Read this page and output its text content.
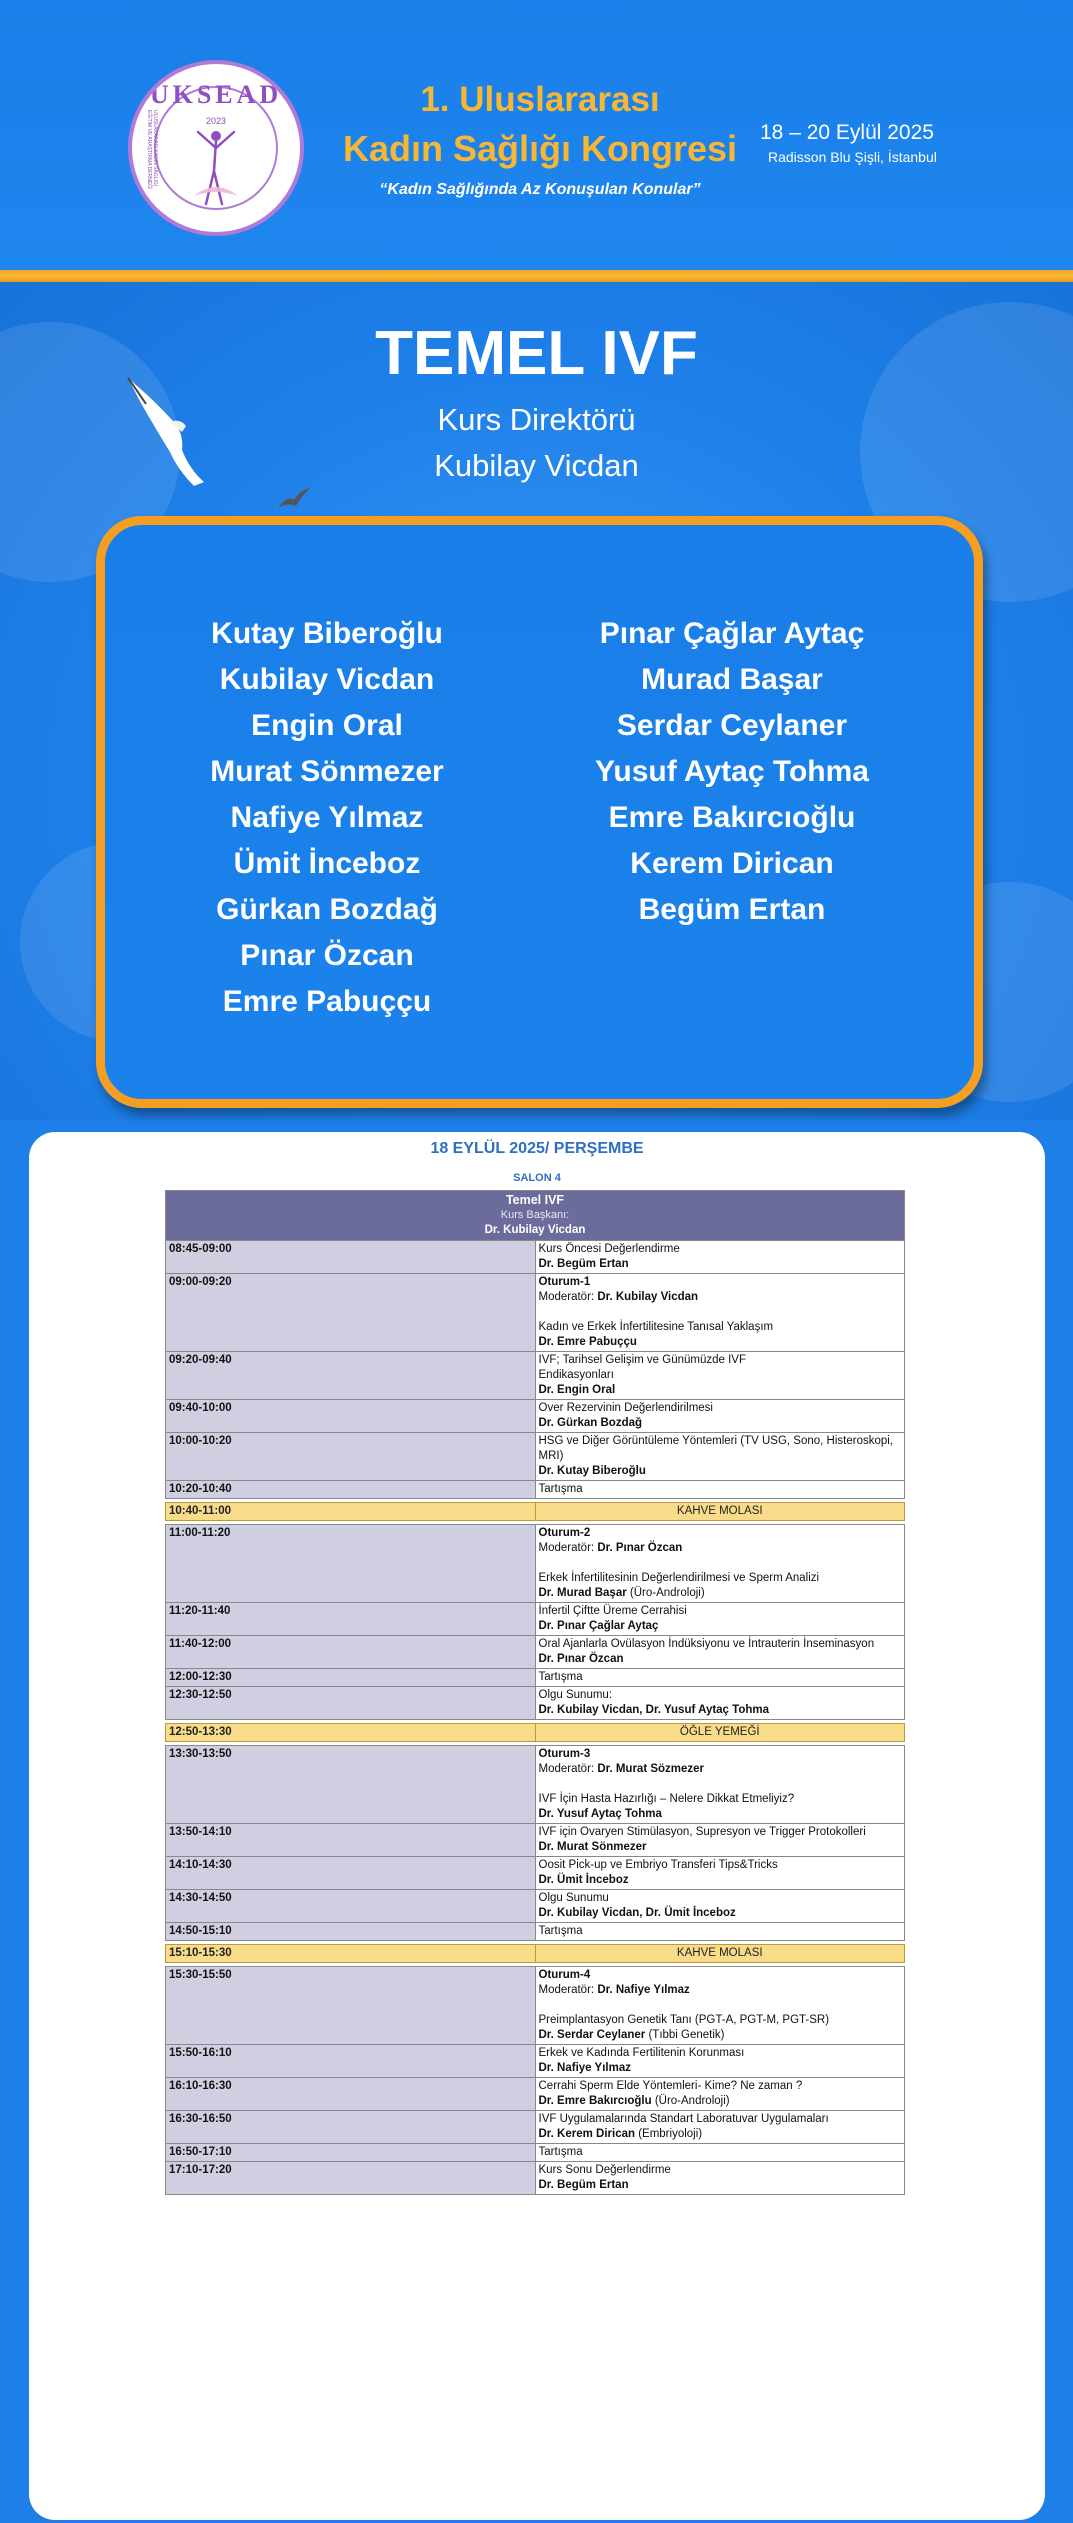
UKSEAD
2023
ULUSLARARASI KADIN SAĞLIĞI EĞİTİM VE ARAŞTIRMA DERNEĞİ
1. Uluslararası
Kadın Sağlığı Kongresi
“Kadın Sağlığında Az Konuşulan Konular”
18 – 20 Eylül 2025
Radisson Blu Şişli, İstanbul
TEMEL IVF
Kurs Direktörü
Kubilay Vicdan
Kutay Biberoğlu
Kubilay Vicdan
Engin Oral
Murat Sönmezer
Nafiye Yılmaz
Ümit İnceboz
Gürkan Bozdağ
Pınar Özcan
Emre Pabuççu
Pınar Çağlar Aytaç
Murad Başar
Serdar Ceylaner
Yusuf Aytaç Tohma
Emre Bakırcıoğlu
Kerem Dirican
Begüm Ertan
18 EYLÜL 2025/ PERŞEMBE
SALON 4
Temel IVF
Kurs Başkanı:
Dr. Kubilay Vicdan	

08:45-09:00	Kurs Öncesi Değerlendirme
Dr. Begüm Ertan

09:00-09:20	Oturum-1
Moderatör: Dr. Kubilay Vicdan
Kadın ve Erkek İnfertilitesine Tanısal Yaklaşım
Dr. Emre Pabuççu

09:20-09:40	IVF; Tarihsel Gelişim ve Günümüzde IVF
Endikasyonları
Dr. Engin Oral

09:40-10:00	Over Rezervinin Değerlendirilmesi
Dr. Gürkan Bozdağ

10:00-10:20	HSG ve Diğer Görüntüleme Yöntemleri (TV USG, Sono, Histeroskopi, MRI)
Dr. Kutay Biberoğlu

10:20-10:40	Tartışma

10:40-11:00	KAHVE MOLASI

11:00-11:20	Oturum-2
Moderatör: Dr. Pınar Özcan
Erkek İnfertilitesinin Değerlendirilmesi ve Sperm Analizi
Dr. Murad Başar (Üro-Androloji)

11:20-11:40	İnfertil Çiftte Üreme Cerrahisi
Dr. Pınar Çağlar Aytaç

11:40-12:00	Oral Ajanlarla Ovülasyon İndüksiyonu ve İntrauterin İnseminasyon
Dr. Pınar Özcan

12:00-12:30	Tartışma

12:30-12:50	Olgu Sunumu:
Dr. Kubilay Vicdan, Dr. Yusuf Aytaç Tohma

12:50-13:30	ÖĞLE YEMEĞİ

13:30-13:50	Oturum-3
Moderatör: Dr. Murat Sözmezer
IVF İçin Hasta Hazırlığı – Nelere Dikkat Etmeliyiz?
Dr. Yusuf Aytaç Tohma

13:50-14:10	IVF için Ovaryen Stimülasyon, Supresyon ve Trigger Protokolleri
Dr. Murat Sönmezer

14:10-14:30	Oosit Pick-up ve Embriyo Transferi Tips&Tricks
Dr. Ümit İnceboz

14:30-14:50	Olgu Sunumu
Dr. Kubilay Vicdan, Dr. Ümit İnceboz

14:50-15:10	Tartışma

15:10-15:30	KAHVE MOLASI

15:30-15:50	Oturum-4
Moderatör: Dr. Nafiye Yılmaz
Preimplantasyon Genetik Tanı (PGT-A, PGT-M, PGT-SR)
Dr. Serdar Ceylaner (Tıbbi Genetik)

15:50-16:10	Erkek ve Kadında Fertilitenin Korunması
Dr. Nafiye Yılmaz

16:10-16:30	Cerrahi Sperm Elde Yöntemleri- Kime? Ne zaman ?
Dr. Emre Bakırcıoğlu (Üro-Androloji)

16:30-16:50	IVF Uygulamalarında Standart Laboratuvar Uygulamaları
Dr. Kerem Dirican (Embriyoloji)

16:50-17:10	Tartışma

17:10-17:20	Kurs Sonu Değerlendirme
Dr. Begüm Ertan
